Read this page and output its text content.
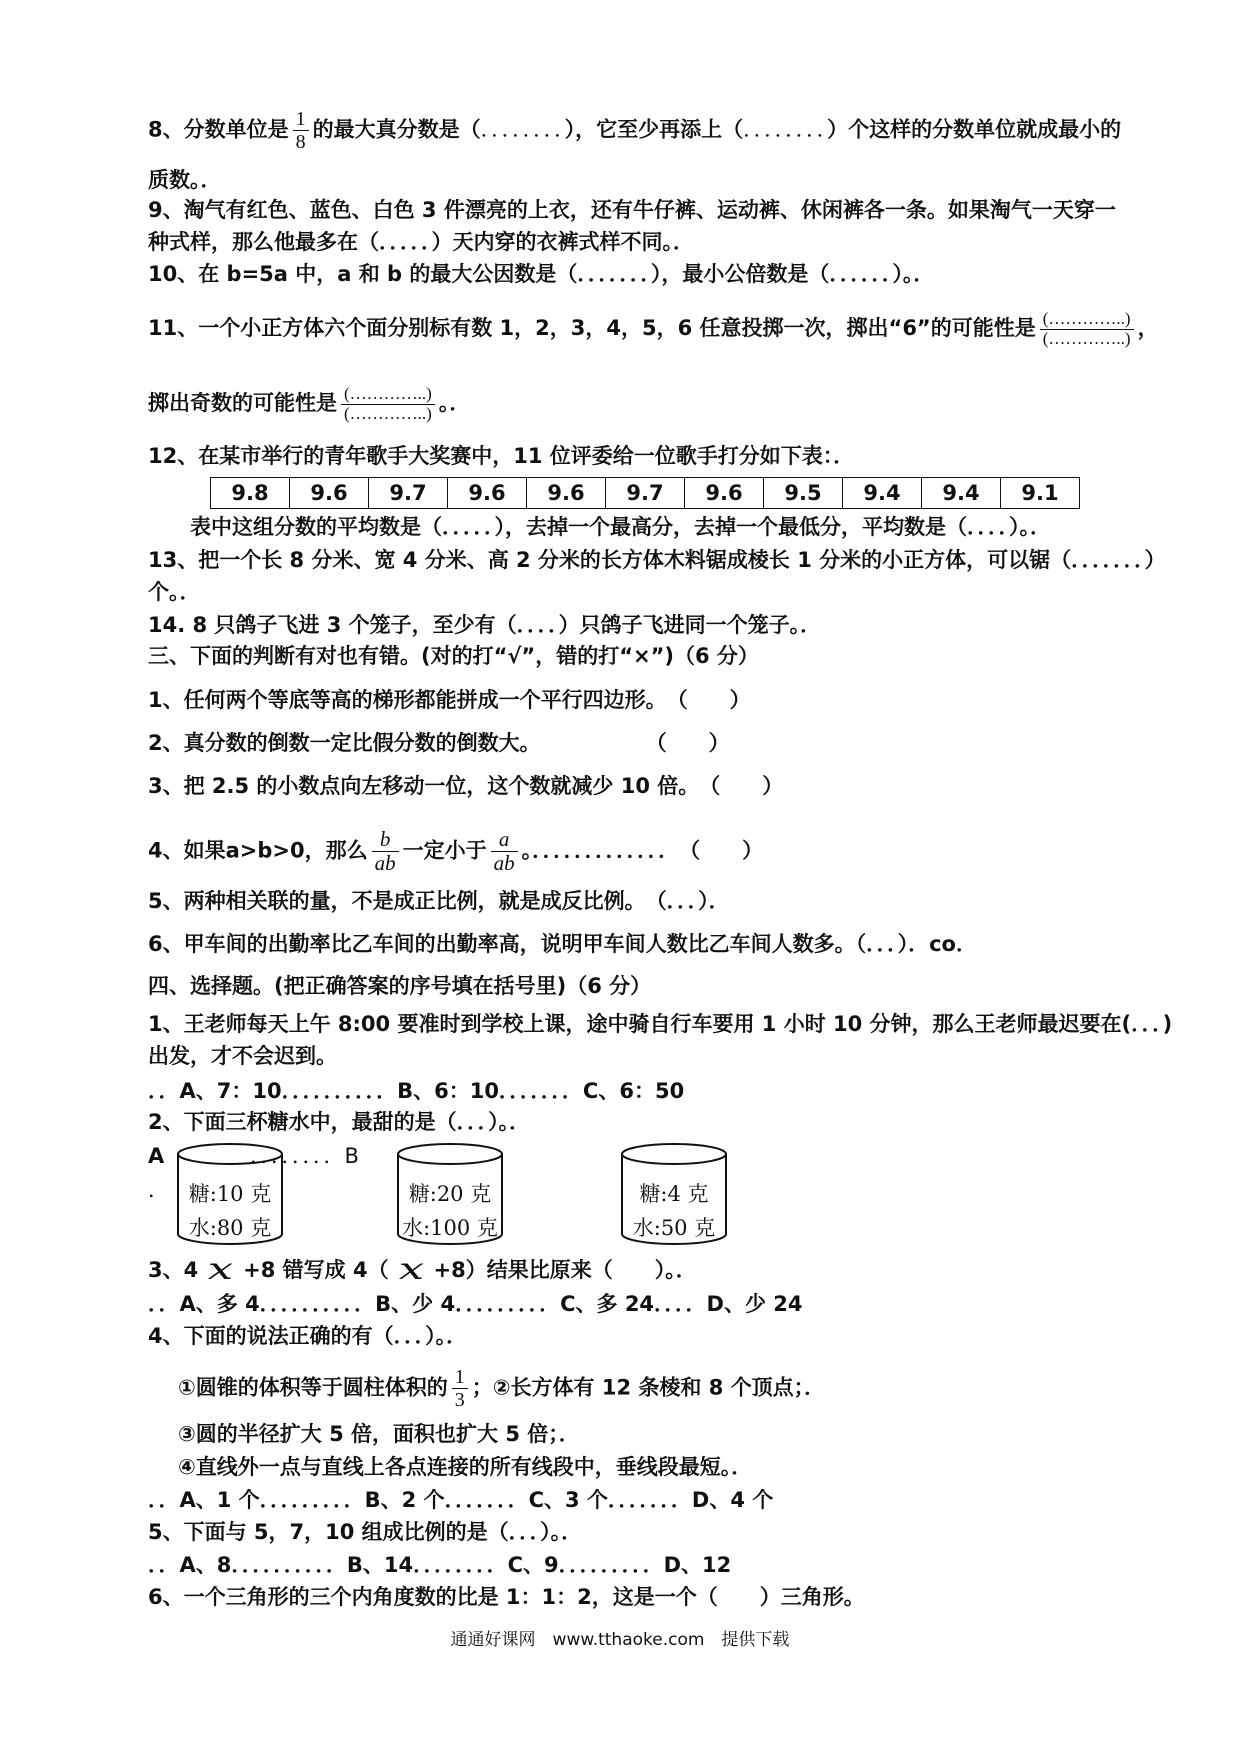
8、分数单位是 $\frac{1}{8}$ 的最大真分数是（．．．．．．．．），它至少再添上（．．．．．．．．）个这样的分数单位就成最小的
质数。．
9、淘气有红色、蓝色、白色 3 件漂亮的上衣，还有牛仔裤、运动裤、休闲裤各一条。如果淘气一天穿一
种式样，那么他最多在（．．．．．）天内穿的衣裤式样不同。．
10、在 b=5a 中，a 和 b 的最大公因数是（．．．．．．．），最小公倍数是（．．．．．．）。．
11、一个小正方体六个面分别标有数 1，2，3，4，5，6 任意投掷一次，掷出“6”的可能性是 $\frac{(\dots\dots\dots\dots..)}{(\dots\dots\dots\dots..)}$ ，
掷出奇数的可能性是 $\frac{(\dots\dots\dots\dots..)}{(\dots\dots\dots\dots..)}$ 。．
12、在某市举行的青年歌手大奖赛中，11 位评委给一位歌手打分如下表：．
9.8	9.6	9.7	9.6	9.6	9.7	9.6	9.5	9.4	9.4	9.1
表中这组分数的平均数是（．．．．．），去掉一个最高分，去掉一个最低分，平均数是（．．．．）。．
13、把一个长 8 分米、宽 4 分米、高 2 分米的长方体木料锯成棱长 1 分米的小正方体，可以锯（．．．．．．．）
个。．
14. 8 只鸽子飞进 3 个笼子，至少有（．．．．）只鸽子飞进同一个笼子。．
三、下面的判断有对也有错。(对的打“√”，错的打“×”)（6 分）
1、任何两个等底等高的梯形都能拼成一个平行四边形。　（　　）
2、真分数的倒数一定比假分数的倒数大。　　　　　　（　　）
3、把 2.5 的小数点向左移动一位，这个数就减少 10 倍。　（　　）
4、如果a>b>0，那么 $\frac{b}{ab}$ 一定小于 $\frac{a}{ab}$ 。．．．．．．．．．．．．．　（　　）
5、两种相关联的量，不是成正比例，就是成反比例。　（．．．）．
6、甲车间的出勤率比乙车间的出勤率高，说明甲车间人数比乙车间人数多。（．．．）．co．
四、选择题。(把正确答案的序号填在括号里)（6 分）
1、王老师每天上午 8:00 要准时到学校上课，途中骑自行车要用 1 小时 10 分钟，那么王老师最迟要在(．．．)
出发，才不会迟到。
．．A、7：10．．．．．．．．．．B、6：10．．．．．．．C、6：50
2、下面三杯糖水中，最甜的是（．．．）。．
A	．．．．．．．．B
． 糖:10 克
水:80 克
糖:20 克
水:100 克
糖:4 克
水:50 克
3、4 x +8 错写成 4（ x +8）结果比原来（　　）。．
．．A、多 4．．．．．．．．．．B、少 4．．．．．．．．．C、多 24．．．．D、少 24
4、下面的说法正确的有（．．．）。．
①圆锥的体积等于圆柱体积的 $\frac{1}{3}$ ；②长方体有 12 条棱和 8 个顶点；．
③圆的半径扩大 5 倍，面积也扩大 5 倍；．
④直线外一点与直线上各点连接的所有线段中，垂线段最短。．
．．A、1 个．．．．．．．．．B、2 个．．．．．．．C、3 个．．．．．．．D、4 个
5、下面与 5，7，10 组成比例的是（．．．）。．
．．A、8．．．．．．．．．．B、14．．．．．．．．C、9．．．．．．．．．D、12
6、一个三角形的三个内角度数的比是 1：1：2，这是一个（　　）三角形。
通通好课网　www.tthaoke.com　提供下载
